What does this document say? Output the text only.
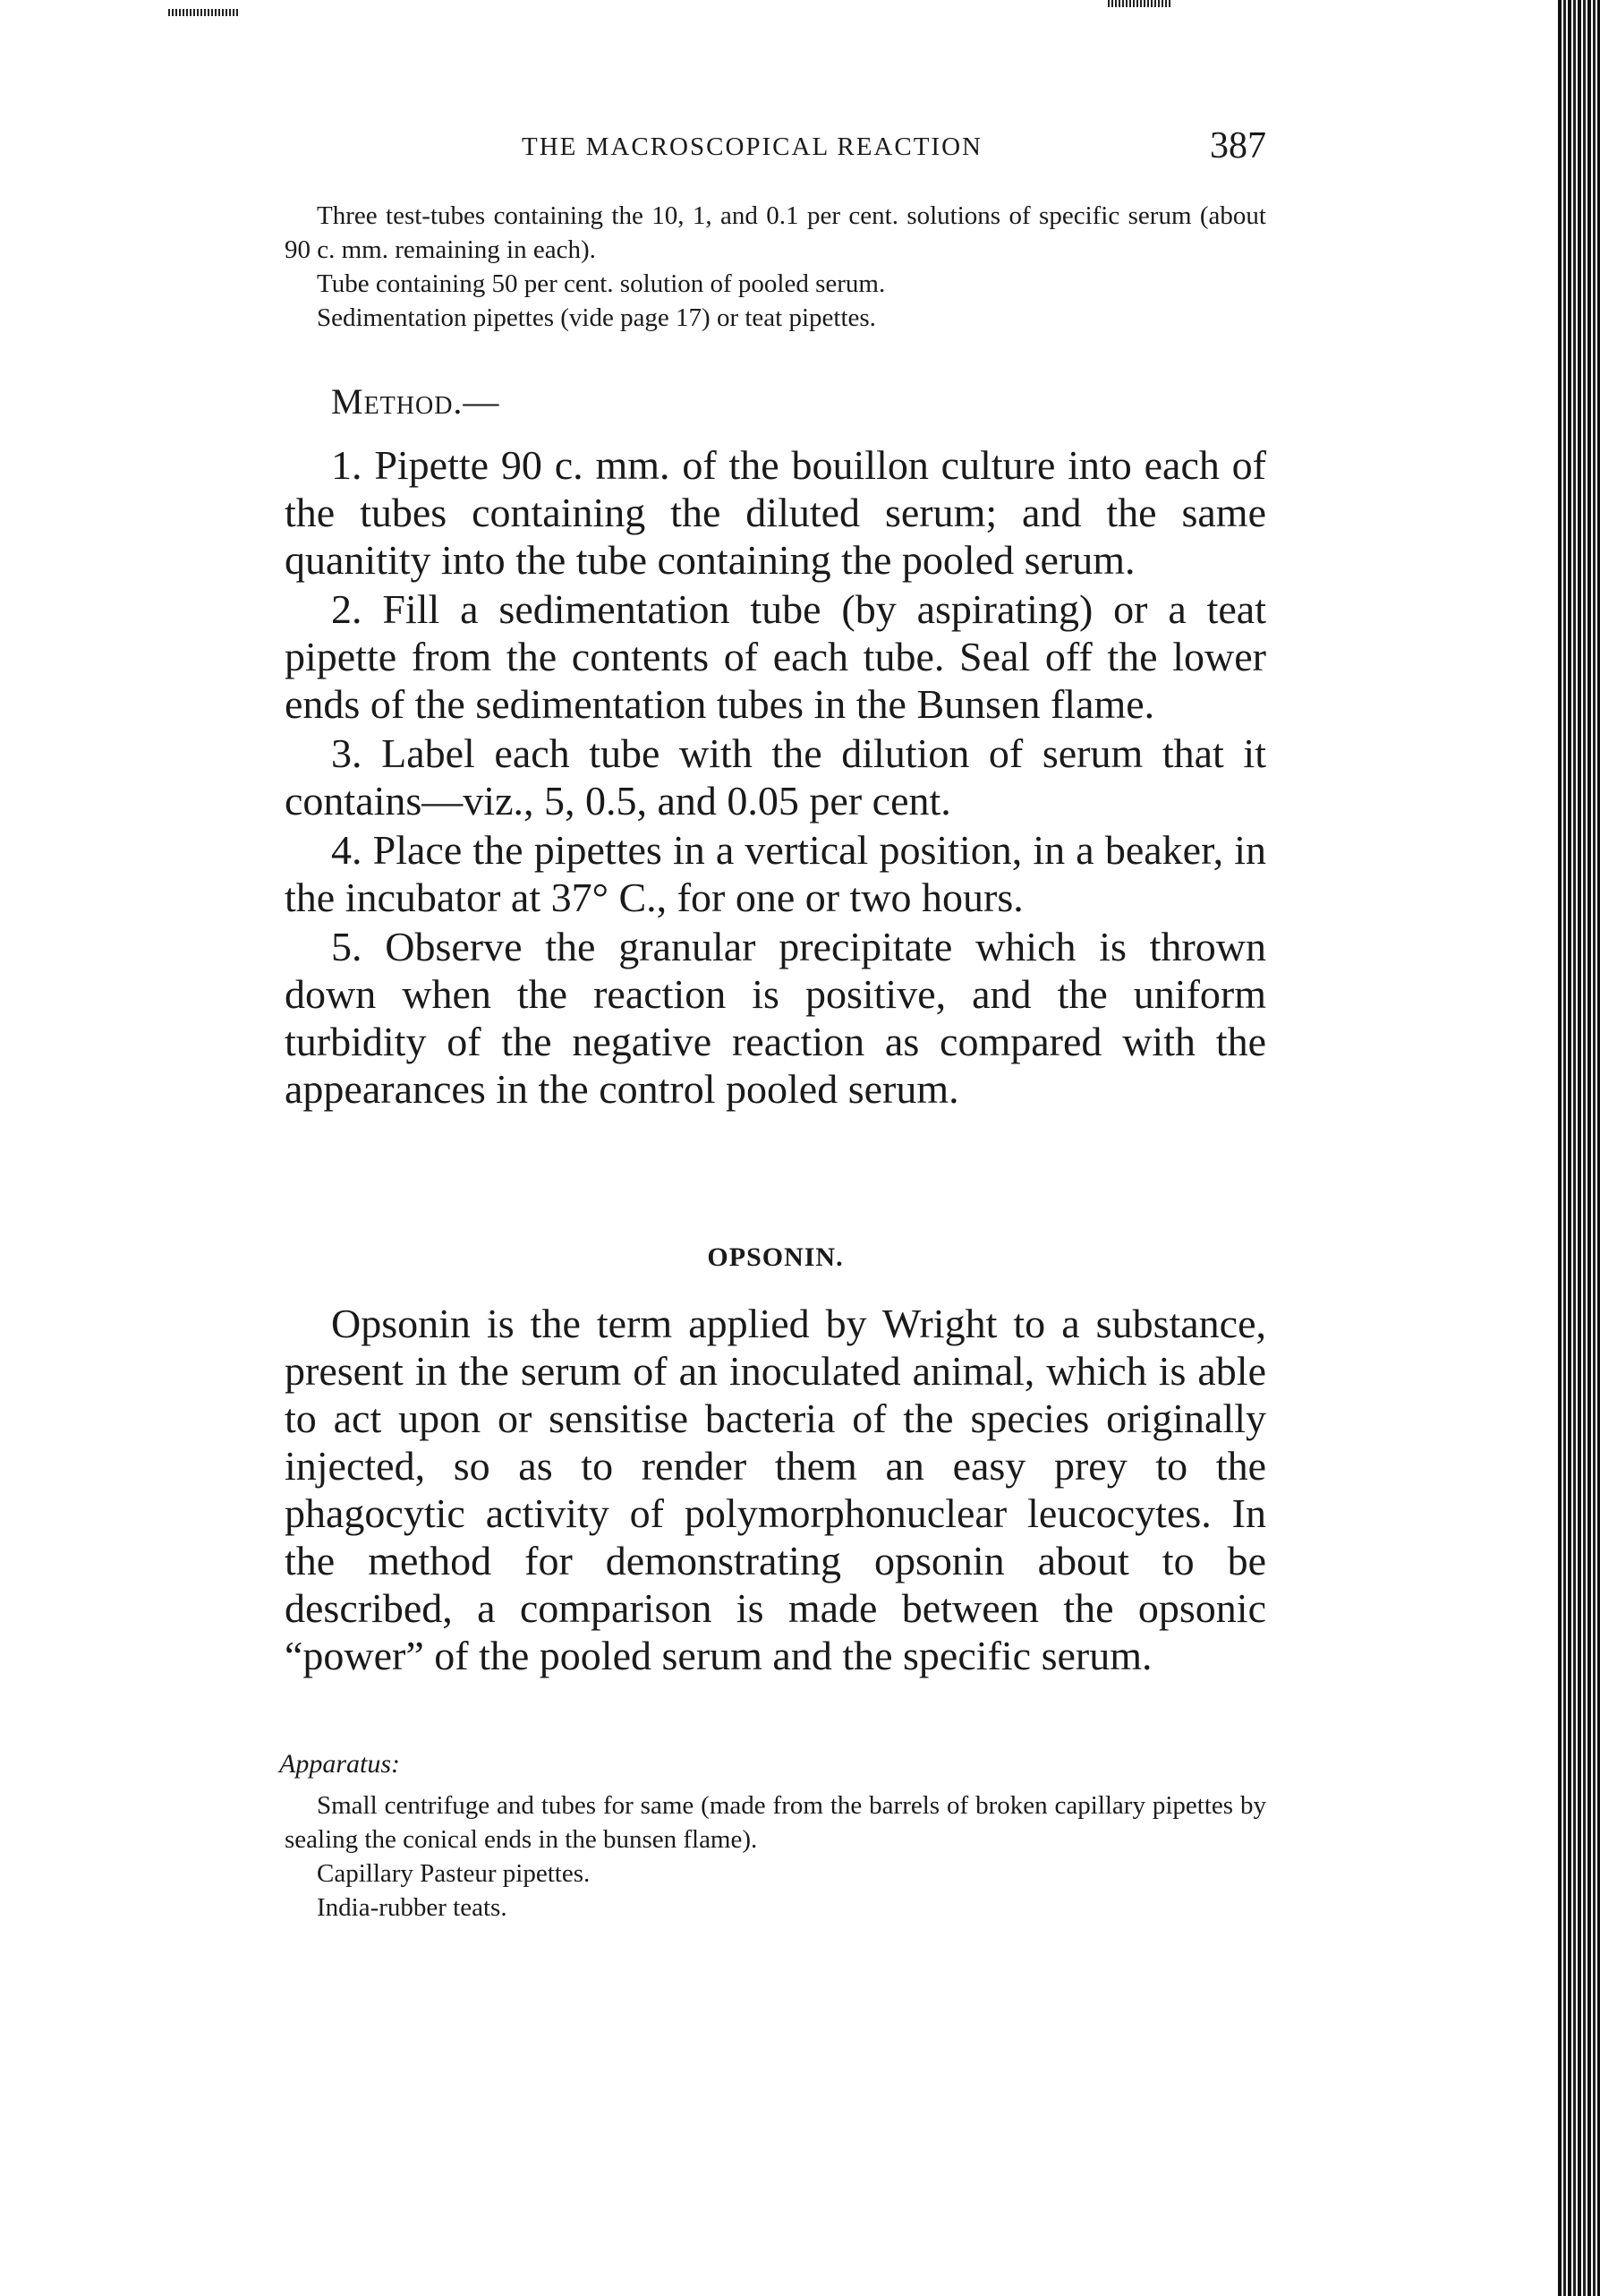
THE MACROSCOPICAL REACTION	387

Three test-tubes containing the 10, 1, and 0.1 per cent. solutions of specific serum (about 90 c. mm. remaining in each).

Tube containing 50 per cent. solution of pooled serum.

Sedimentation pipettes (vide page 17) or teat pipettes.

Method.—

1. Pipette 90 c. mm. of the bouillon culture into each of the tubes containing the diluted serum; and the same quanitity into the tube containing the pooled serum.

2. Fill a sedimentation tube (by aspirating) or a teat pipette from the contents of each tube. Seal off the lower ends of the sedimentation tubes in the Bunsen flame.

3. Label each tube with the dilution of serum that it contains—viz., 5, 0.5, and 0.05 per cent.

4. Place the pipettes in a vertical position, in a beaker, in the incubator at 37° C., for one or two hours.

5. Observe the granular precipitate which is thrown down when the reaction is positive, and the uniform turbidity of the negative reaction as compared with the appearances in the control pooled serum.

OPSONIN.

Opsonin is the term applied by Wright to a substance, present in the serum of an inoculated animal, which is able to act upon or sensitise bacteria of the species originally injected, so as to render them an easy prey to the phagocytic activity of polymorphonuclear leucocytes. In the method for demonstrating opsonin about to be described, a comparison is made between the opsonic “power” of the pooled serum and the specific serum.

Apparatus:

Small centrifuge and tubes for same (made from the barrels of broken capillary pipettes by sealing the conical ends in the bunsen flame).

Capillary Pasteur pipettes.

India-rubber teats.
